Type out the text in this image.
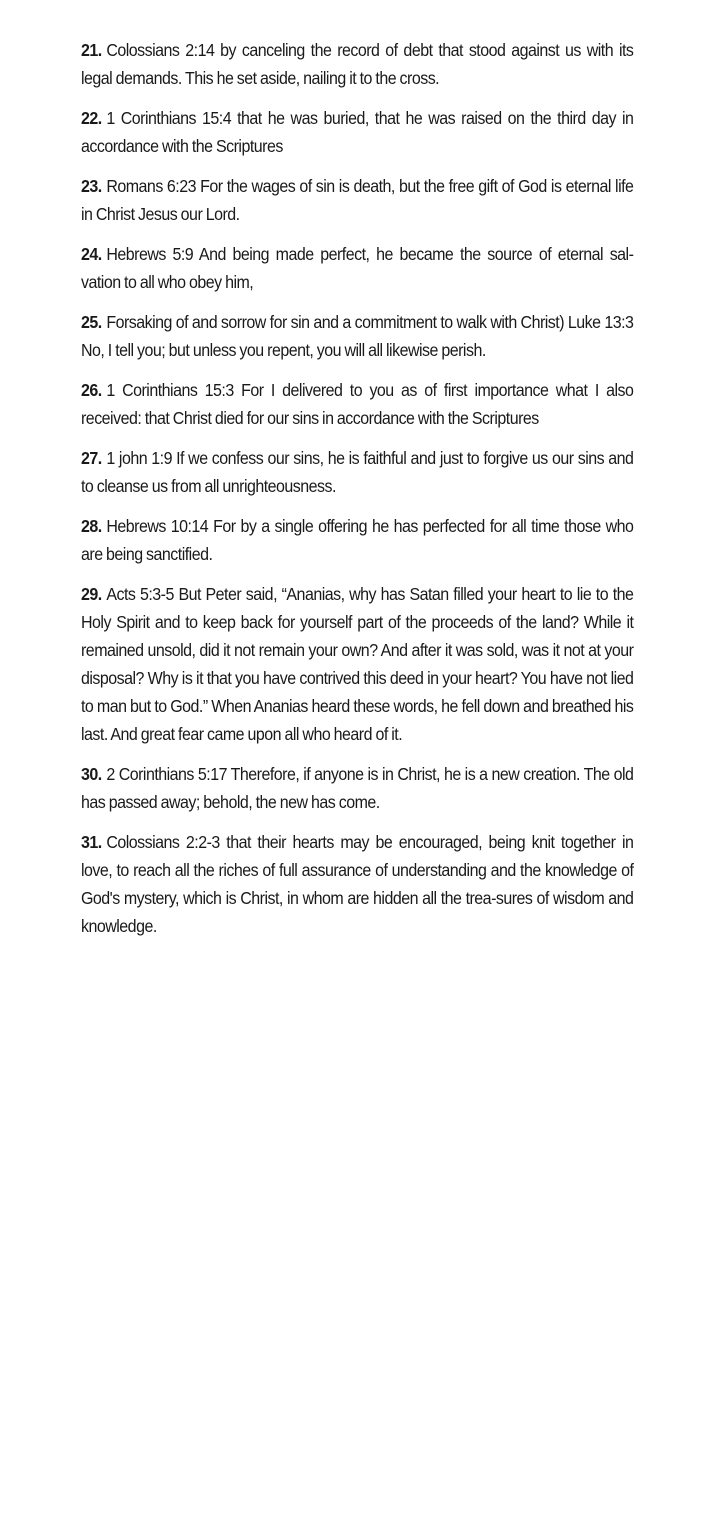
21. Colossians 2:14 by canceling the record of debt that stood against us with its legal demands. This he set aside, nailing it to the cross.

22. 1 Corinthians 15:4 that he was buried, that he was raised on the third day in accordance with the Scriptures

23. Romans 6:23 For the wages of sin is death, but the free gift of God is eternal life in Christ Jesus our Lord.

24. Hebrews 5:9 And being made perfect, he became the source of eternal sal-vation to all who obey him,

25. Forsaking of and sorrow for sin and a commitment to walk with Christ) Luke 13:3 No, I tell you; but unless you repent, you will all likewise perish.

26. 1 Corinthians 15:3 For I delivered to you as of first importance what I also received: that Christ died for our sins in accordance with the Scriptures

27. 1 john 1:9 If we confess our sins, he is faithful and just to forgive us our sins and to cleanse us from all unrighteousness.

28. Hebrews 10:14 For by a single offering he has perfected for all time those who are being sanctified.

29. Acts 5:3-5 But Peter said, “Ananias, why has Satan filled your heart to lie to the Holy Spirit and to keep back for yourself part of the proceeds of the land? While it remained unsold, did it not remain your own? And after it was sold, was it not at your disposal? Why is it that you have contrived this deed in your heart? You have not lied to man but to God.” When Ananias heard these words, he fell down and breathed his last. And great fear came upon all who heard of it.

30. 2 Corinthians 5:17 Therefore, if anyone is in Christ, he is a new creation. The old has passed away; behold, the new has come.

31. Colossians 2:2-3 that their hearts may be encouraged, being knit together in love, to reach all the riches of full assurance of understanding and the knowledge of God's mystery, which is Christ, in whom are hidden all the trea-sures of wisdom and knowledge.
